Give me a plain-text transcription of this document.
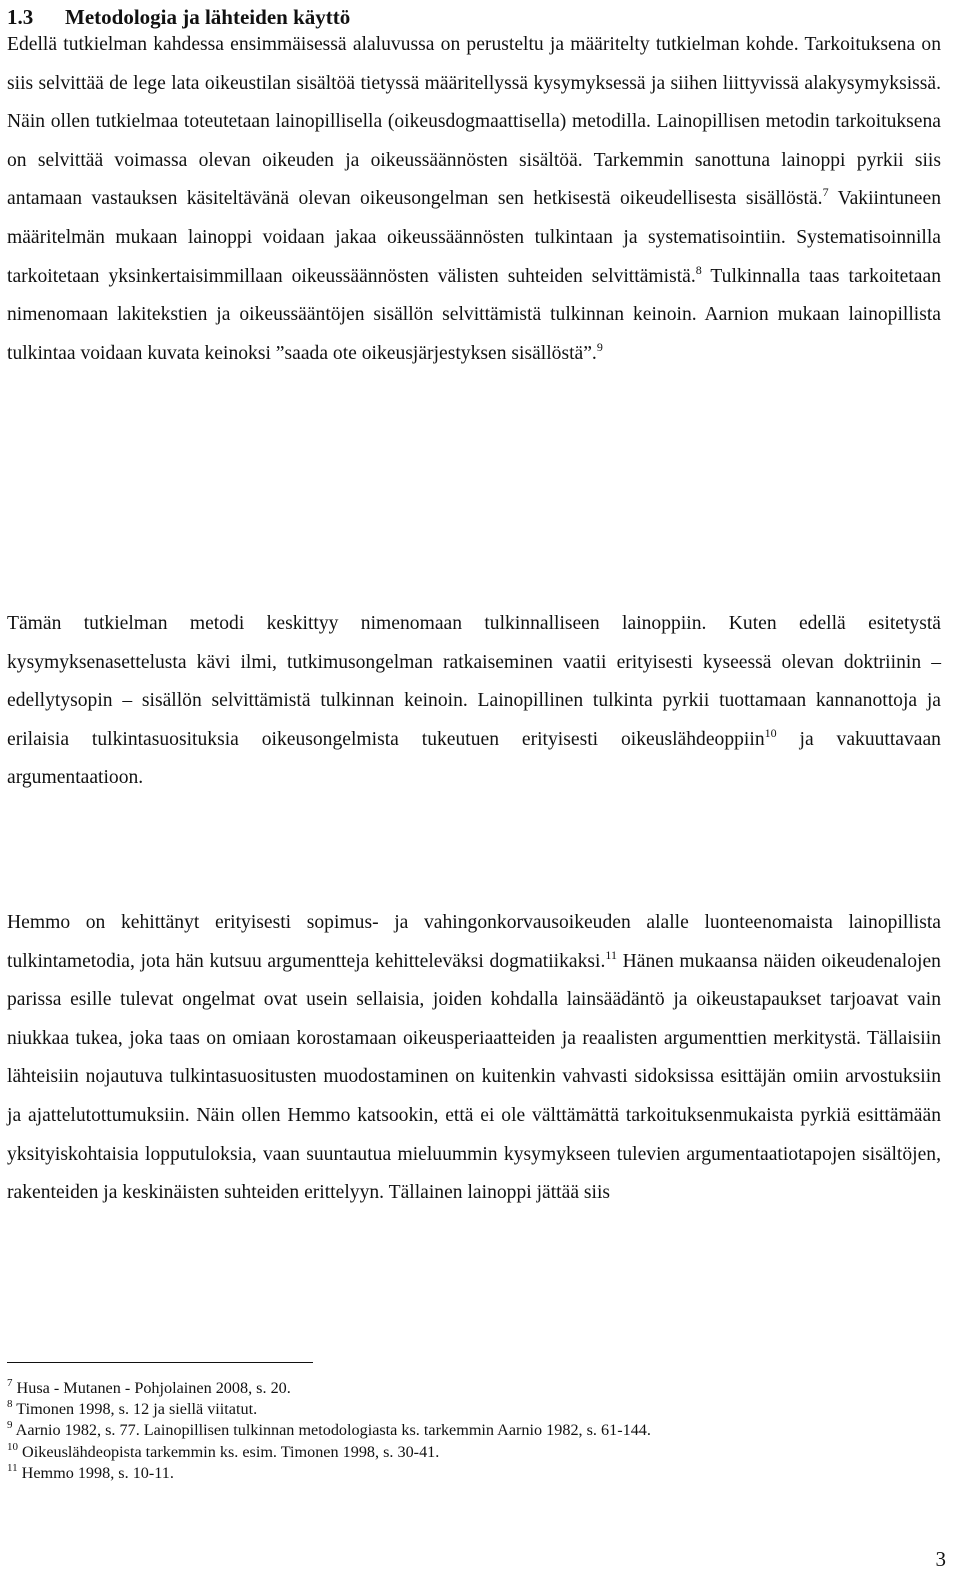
1.3 Metodologia ja lähteiden käyttö

Edellä tutkielman kahdessa ensimmäisessä alaluvussa on perusteltu ja määritelty tutkielman kohde. Tarkoituksena on siis selvittää de lege lata oikeustilan sisältöä tietyssä määritellyssä kysymyksessä ja siihen liittyvissä alakysymyksissä. Näin ollen tutkielmaa toteutetaan lainopillisella (oikeusdogmaattisella) metodilla. Lainopillisen metodin tarkoituksena on selvittää voimassa olevan oikeuden ja oikeussäännösten sisältöä. Tarkemmin sanottuna lainoppi pyrkii siis antamaan vastauksen käsiteltävänä olevan oikeusongelman sen hetkisestä oikeudellisesta sisällöstä.$^7$ Vakiintuneen määritelmän mukaan lainoppi voidaan jakaa oikeussäännösten tulkintaan ja systematisointiin. Systematisoinnilla tarkoitetaan yksinkertaisimmillaan oikeussäännösten välisten suhteiden selvittämistä.$^8$ Tulkinnalla taas tarkoitetaan nimenomaan lakitekstien ja oikeussääntöjen sisällön selvittämistä tulkinnan keinoin. Aarnion mukaan lainopillista tulkintaa voidaan kuvata keinoksi ”saada ote oikeusjärjestyksen sisällöstä”.$^9$

Tämän tutkielman metodi keskittyy nimenomaan tulkinnalliseen lainoppiin. Kuten edellä esitetystä kysymyksenasettelusta kävi ilmi, tutkimusongelman ratkaiseminen vaatii erityisesti kyseessä olevan doktriinin – edellytysopin – sisällön selvittämistä tulkinnan keinoin. Lainopillinen tulkinta pyrkii tuottamaan kannanottoja ja erilaisia tulkintasuosituksia oikeusongelmista tukeutuen erityisesti oikeuslähdeoppiin$^{10}$ ja vakuuttavaan argumentaatioon.

Hemmo on kehittänyt erityisesti sopimus- ja vahingonkorvausoikeuden alalle luonteenomaista lainopillista tulkintametodia, jota hän kutsuu argumentteja kehitteleväksi dogmatiikaksi.$^{11}$ Hänen mukaansa näiden oikeudenalojen parissa esille tulevat ongelmat ovat usein sellaisia, joiden kohdalla lainsäädäntö ja oikeustapaukset tarjoavat vain niukkaa tukea, joka taas on omiaan korostamaan oikeusperiaatteiden ja reaalisten argumenttien merkitystä. Tällaisiin lähteisiin nojautuva tulkintasuositusten muodostaminen on kuitenkin vahvasti sidoksissa esittäjän omiin arvostuksiin ja ajattelutottumuksiin. Näin ollen Hemmo katsookin, että ei ole välttämättä tarkoituksenmukaista pyrkiä esittämään yksityiskohtaisia lopputuloksia, vaan suuntautua mieluummin kysymykseen tulevien argumentaatiotapojen sisältöjen, rakenteiden ja keskinäisten suhteiden erittelyyn. Tällainen lainoppi jättää siis

$^7$ Husa - Mutanen - Pohjolainen 2008, s. 20.

$^8$ Timonen 1998, s. 12 ja siellä viitatut.

$^9$ Aarnio 1982, s. 77. Lainopillisen tulkinnan metodologiasta ks. tarkemmin Aarnio 1982, s. 61-144.

$^{10}$ Oikeuslähdeopista tarkemmin ks. esim. Timonen 1998, s. 30-41.

$^{11}$ Hemmo 1998, s. 10-11.

3
